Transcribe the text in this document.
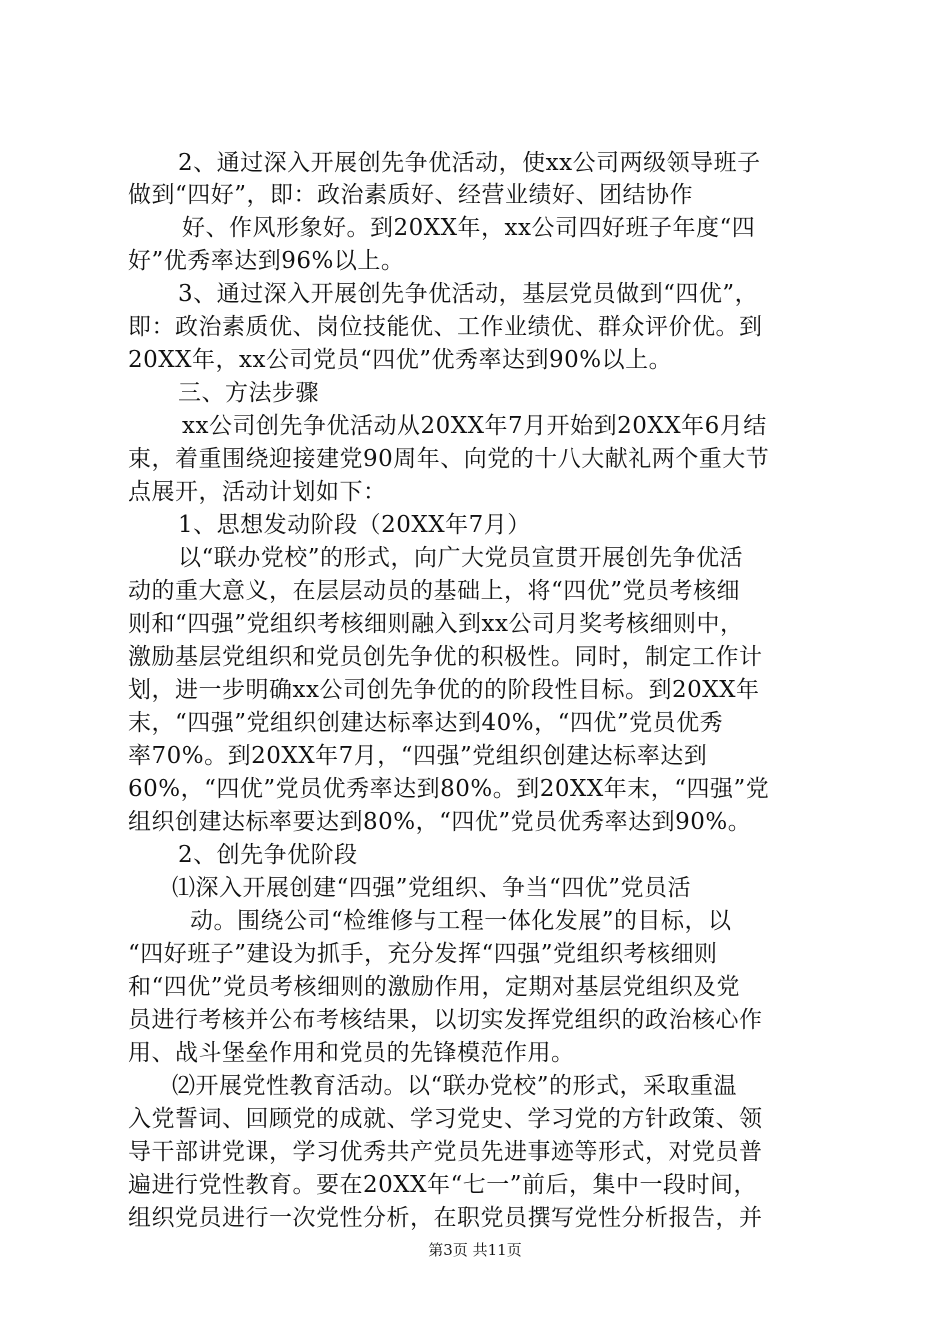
2、通过深入开展创先争优活动，使xx公司两级领导班子
做到“四好”，即：政治素质好、经营业绩好、团结协作
好、作风形象好。到20XX年，xx公司四好班子年度“四
好”优秀率达到96%以上。
3、通过深入开展创先争优活动，基层党员做到“四优”，
即：政治素质优、岗位技能优、工作业绩优、群众评价优。到
20XX年，xx公司党员“四优”优秀率达到90%以上。
三、方法步骤
xx公司创先争优活动从20XX年7月开始到20XX年6月结
束，着重围绕迎接建党90周年、向党的十八大献礼两个重大节
点展开，活动计划如下：
1、思想发动阶段（20XX年7月）
以“联办党校”的形式，向广大党员宣贯开展创先争优活
动的重大意义，在层层动员的基础上，将“四优”党员考核细
则和“四强”党组织考核细则融入到xx公司月奖考核细则中，
激励基层党组织和党员创先争优的积极性。同时，制定工作计
划，进一步明确xx公司创先争优的的阶段性目标。到20XX年
末，“四强”党组织创建达标率达到40%，“四优”党员优秀
率70%。到20XX年7月，“四强”党组织创建达标率达到
60%，“四优”党员优秀率达到80%。到20XX年末，“四强”党
组织创建达标率要达到80%，“四优”党员优秀率达到90%。
2、创先争优阶段
⑴深入开展创建“四强”党组织、争当“四优”党员活
动。围绕公司“检维修与工程一体化发展”的目标，以
“四好班子”建设为抓手，充分发挥“四强”党组织考核细则
和“四优”党员考核细则的激励作用，定期对基层党组织及党
员进行考核并公布考核结果，以切实发挥党组织的政治核心作
用、战斗堡垒作用和党员的先锋模范作用。
⑵开展党性教育活动。以“联办党校”的形式，采取重温
入党誓词、回顾党的成就、学习党史、学习党的方针政策、领
导干部讲党课，学习优秀共产党员先进事迹等形式，对党员普
遍进行党性教育。要在20XX年“七一”前后，集中一段时间，
组织党员进行一次党性分析，在职党员撰写党性分析报告，并
第3页 共11页
